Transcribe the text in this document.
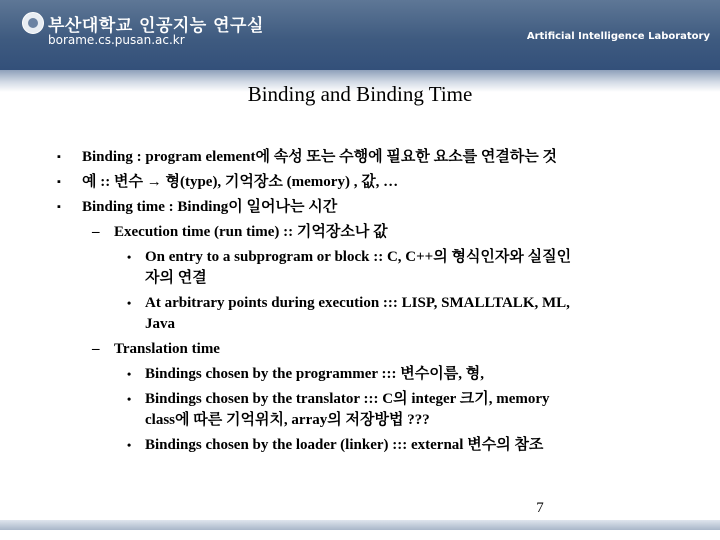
부산대학교 인공지능 연구실
borame.cs.pusan.ac.kr	Artificial Intelligence Laboratory
Binding and Binding Time
▪ Binding : program element에 속성 또는 수행에 필요한 요소를 연결하는 것
▪ 예 :: 변수 → 형(type), 기억장소 (memory) , 값, …
▪ Binding time : Binding이 일어나는 시간
– Execution time (run time) :: 기억장소나 값
• On entry to a subprogram or block :: C, C++의 형식인자와 실질인
자의 연결
• At arbitrary points during execution ::: LISP, SMALLTALK, ML,
Java
– Translation time
• Bindings chosen by the programmer ::: 변수이름, 형,
• Bindings chosen by the translator ::: C의 integer 크기, memory
class에 따른 기억위치, array의 저장방법 ???
• Bindings chosen by the loader (linker) ::: external 변수의 참조
7
